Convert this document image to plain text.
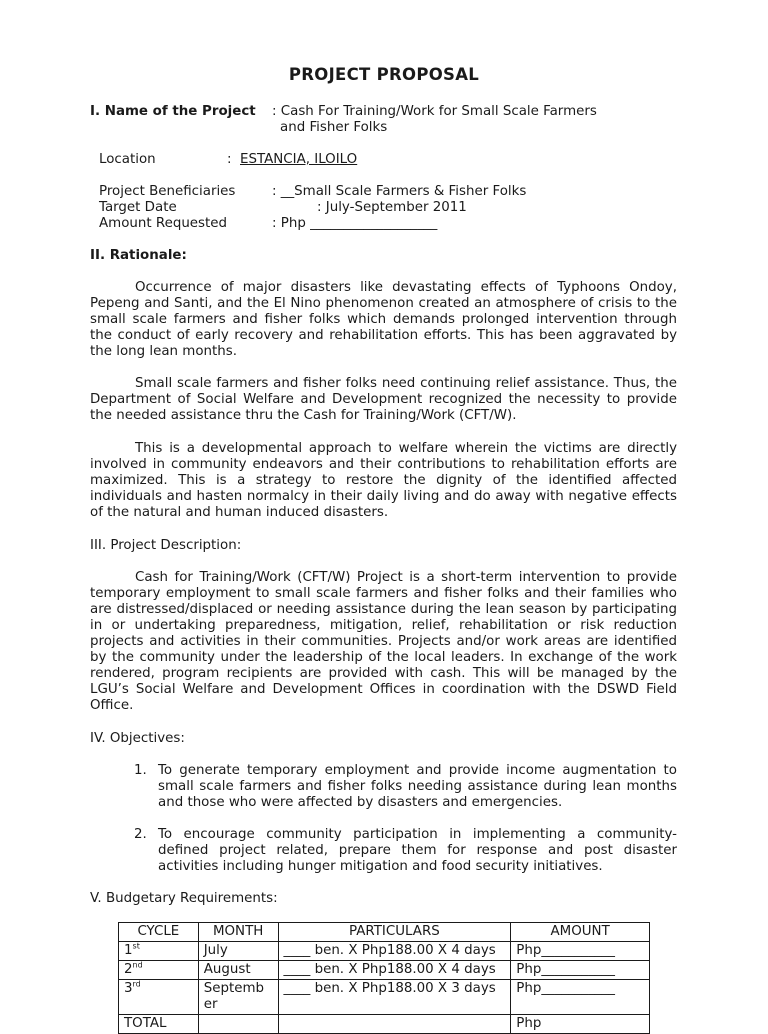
PROJECT PROPOSAL
I. Name of the Project : Cash For Training/Work for Small Scale Farmers
and Fisher Folks
Location	: ESTANCIA, ILOILO
Project Beneficiaries	: __Small Scale Farmers & Fisher Folks
Target Date	: July-September 2011
Amount Requested	: Php ___________________
II. Rationale:
Occurrence of major disasters like devastating effects of Typhoons Ondoy, Pepeng and Santi, and the El Nino phenomenon created an atmosphere of crisis to the small scale farmers and fisher folks which demands prolonged intervention through the conduct of early recovery and rehabilitation efforts. This has been aggravated by the long lean months.
Small scale farmers and fisher folks need continuing relief assistance. Thus, the Department of Social Welfare and Development recognized the necessity to provide the needed assistance thru the Cash for Training/Work (CFT/W).
This is a developmental approach to welfare wherein the victims are directly involved in community endeavors and their contributions to rehabilitation efforts are maximized. This is a strategy to restore the dignity of the identified affected individuals and hasten normalcy in their daily living and do away with negative effects of the natural and human induced disasters.
III. Project Description:
Cash for Training/Work (CFT/W) Project is a short-term intervention to provide temporary employment to small scale farmers and fisher folks and their families who are distressed/displaced or needing assistance during the lean season by participating in or undertaking preparedness, mitigation, relief, rehabilitation or risk reduction projects and activities in their communities. Projects and/or work areas are identified by the community under the leadership of the local leaders. In exchange of the work rendered, program recipients are provided with cash. This will be managed by the LGU’s Social Welfare and Development Offices in coordination with the DSWD Field Office.
IV. Objectives:
1. To generate temporary employment and provide income augmentation to small scale farmers and fisher folks needing assistance during lean months and those who were affected by disasters and emergencies.
2. To encourage community participation in implementing a community-defined project related, prepare them for response and post disaster activities including hunger mitigation and food security initiatives.
V. Budgetary Requirements:
CYCLE	MONTH	PARTICULARS	AMOUNT
1st	July	____ ben. X Php188.00 X 4 days	Php___________
2nd	August	____ ben. X Php188.00 X 4 days	Php___________
3rd	Septemb er	____ ben. X Php188.00 X 3 days	Php___________
TOTAL			Php
